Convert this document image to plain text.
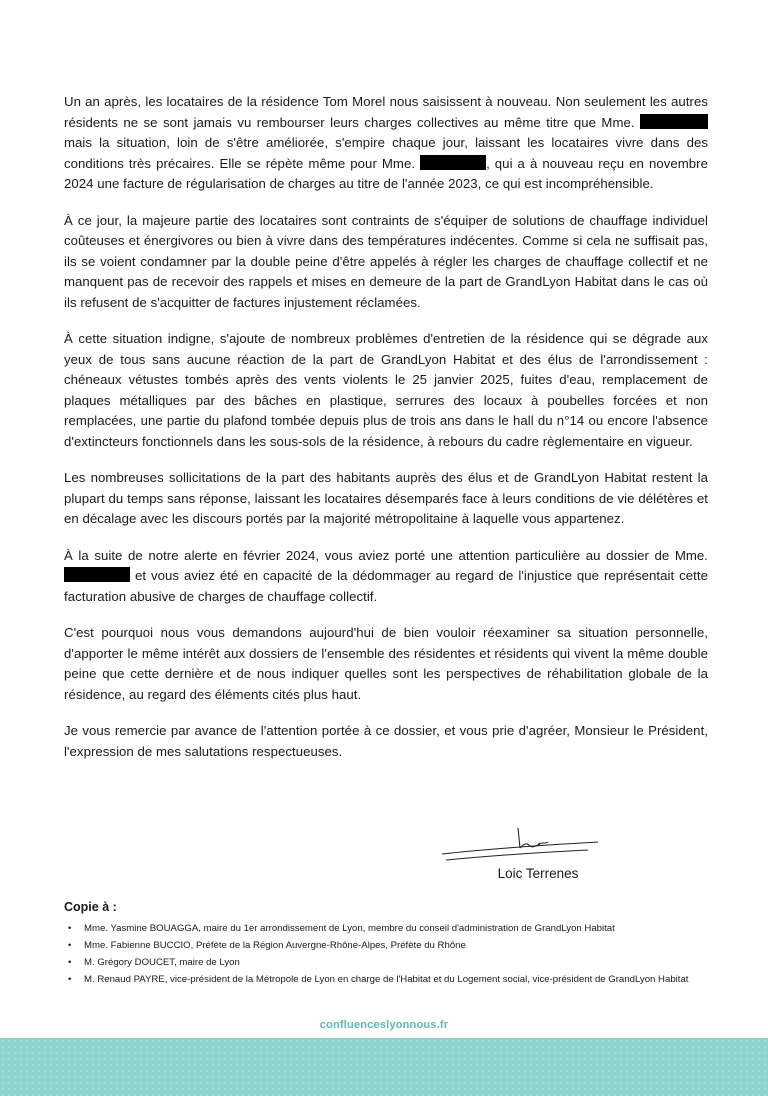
Un an après, les locataires de la résidence Tom Morel nous saisissent à nouveau. Non seulement les autres résidents ne se sont jamais vu rembourser leurs charges collectives au même titre que Mme.  mais la situation, loin de s'être améliorée, s'empire chaque jour, laissant les locataires vivre dans des conditions très précaires. Elle se répète même pour Mme.	, qui a à nouveau reçu en novembre 2024 une facture de régularisation de charges au titre de l'année 2023, ce qui est incompréhensible.

À ce jour, la majeure partie des locataires sont contraints de s'équiper de solutions de chauffage individuel coûteuses et énergivores ou bien à vivre dans des températures indécentes. Comme si cela ne suffisait pas, ils se voient condamner par la double peine d'être appelés à régler les charges de chauffage collectif et ne manquent pas de recevoir des rappels et mises en demeure de la part de GrandLyon Habitat dans le cas où ils refusent de s'acquitter de factures injustement réclamées.

À cette situation indigne, s'ajoute de nombreux problèmes d'entretien de la résidence qui se dégrade aux yeux de tous sans aucune réaction de la part de GrandLyon Habitat et des élus de l'arrondissement : chéneaux vétustes tombés après des vents violents le 25 janvier 2025, fuites d'eau, remplacement de plaques métalliques par des bâches en plastique, serrures des locaux à poubelles forcées et non remplacées, une partie du plafond tombée depuis plus de trois ans dans le hall du n°14 ou encore l'absence d'extincteurs fonctionnels dans les sous-sols de la résidence, à rebours du cadre règlementaire en vigueur.

Les nombreuses sollicitations de la part des habitants auprès des élus et de GrandLyon Habitat restent la plupart du temps sans réponse, laissant les locataires désemparés face à leurs conditions de vie délétères et en décalage avec les discours portés par la majorité métropolitaine à laquelle vous appartenez.

À la suite de notre alerte en février 2024, vous aviez porté une attention particulière au dossier de Mme.  et vous aviez été en capacité de la dédommager au regard de l'injustice que représentait cette facturation abusive de charges de chauffage collectif.

C'est pourquoi nous vous demandons aujourd'hui de bien vouloir réexaminer sa situation personnelle, d'apporter le même intérêt aux dossiers de l'ensemble des résidentes et résidents qui vivent la même double peine que cette dernière et de nous indiquer quelles sont les perspectives de réhabilitation globale de la résidence, au regard des éléments cités plus haut.

Je vous remercie par avance de l'attention portée à ce dossier, et vous prie d'agréer, Monsieur le Président, l'expression de mes salutations respectueuses.

Loic Terrenes
Copie à :
• Mme. Yasmine BOUAGGA, maire du 1er arrondissement de Lyon, membre du conseil d'administration de GrandLyon Habitat
• Mme. Fabienne BUCCIO, Préfète de la Région Auvergne-Rhône-Alpes, Préfète du Rhône
• M. Grégory DOUCET, maire de Lyon
• M. Renaud PAYRE, vice-président de la Métropole de Lyon en charge de l'Habitat et du Logement social, vice-président de GrandLyon Habitat
confluenceslyonnous.fr
